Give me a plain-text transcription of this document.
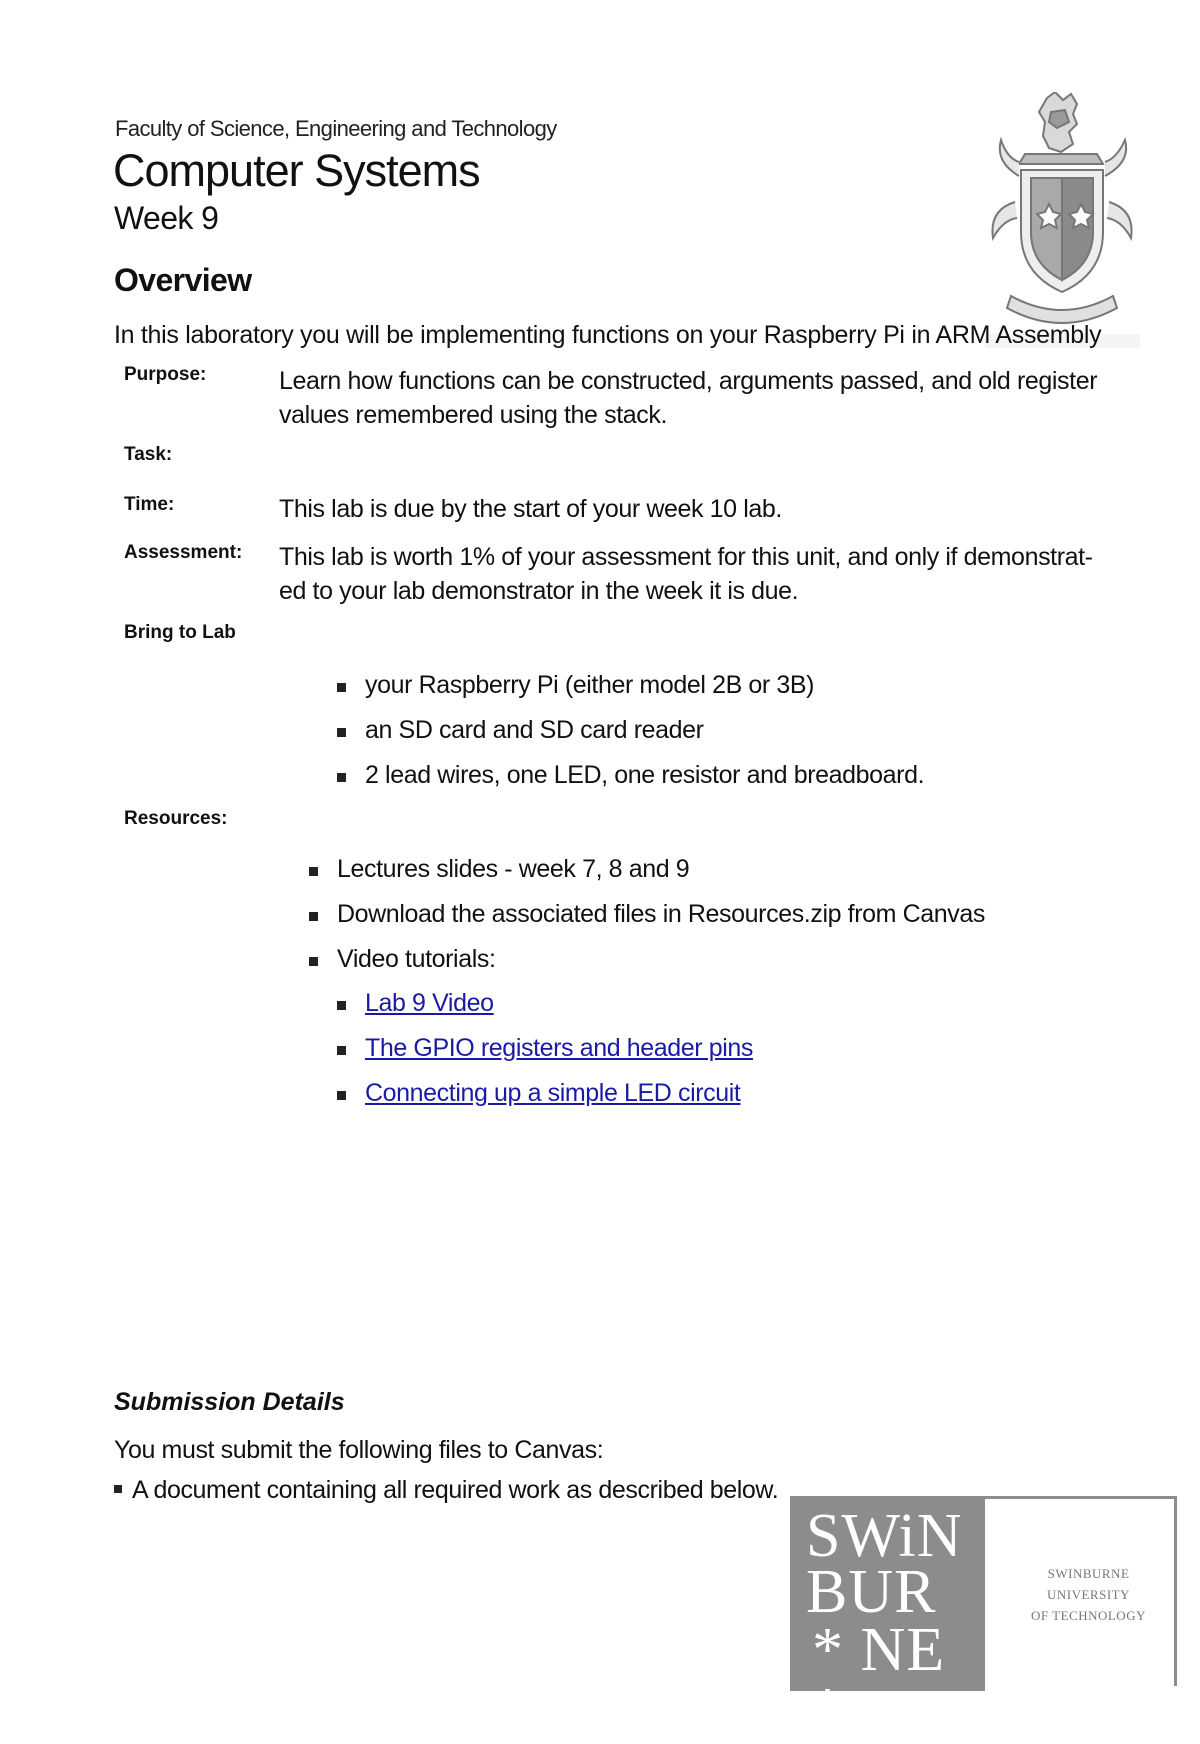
Faculty of Science, Engineering and Technology
Computer Systems
Week 9
Overview
In this laboratory you will be implementing functions on your Raspberry Pi in ARM Assembly
Purpose:	Learn how functions can be constructed, arguments passed, and old register
values remembered using the stack.
Task:
Time:	This lab is due by the start of your week 10 lab.
Assessment: This lab is worth 1% of your assessment for this unit, and only if demonstrat-
ed to your lab demonstrator in the week it is due.
Bring to Lab
your Raspberry Pi (either model 2B or 3B)
an SD card and SD card reader
2 lead wires, one LED, one resistor and breadboard.
Resources:
Lectures slides - week 7, 8 and 9
Download the associated files in Resources.zip from Canvas
Video tutorials:
Lab 9 Video
The GPIO registers and header pins
Connecting up a simple LED circuit
Submission Details
You must submit the following files to Canvas:
A document containing all required work as described below.
SWiN
BUR
* NE *
SWINBURNE UNIVERSITY
OF TECHNOLOGY
